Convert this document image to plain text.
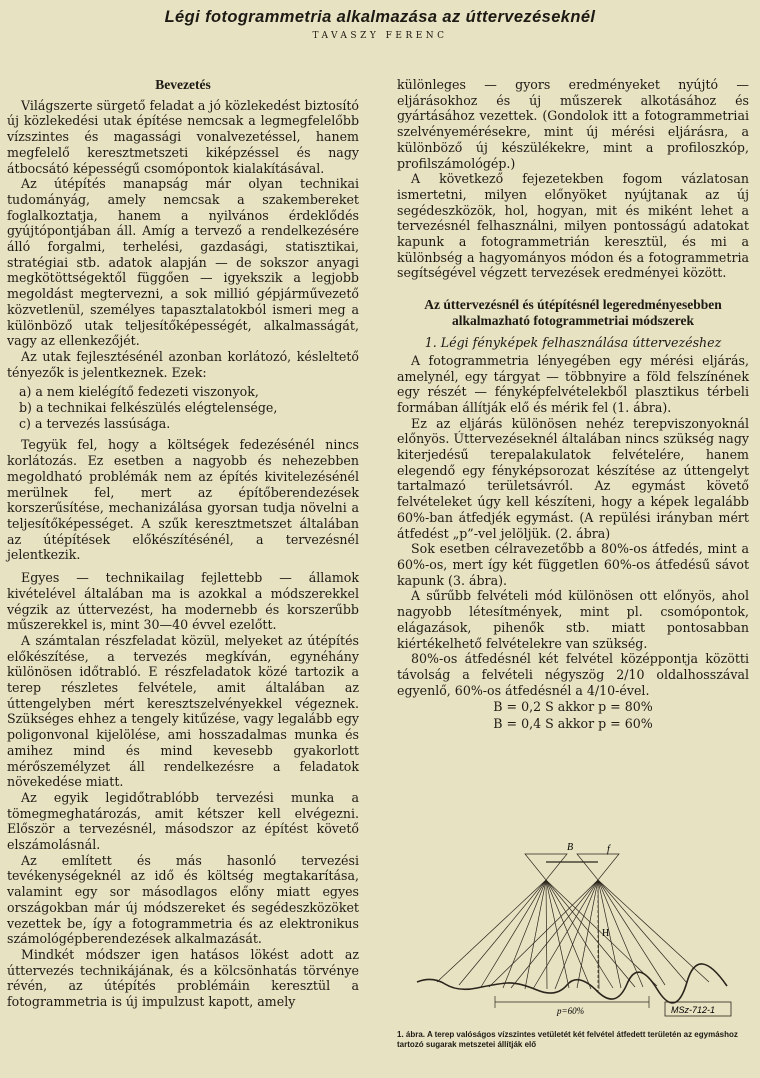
Légi fotogrammetria alkalmazása az úttervezéseknél
TAVASZY FERENC
Bevezetés

Világszerte sürgető feladat a jó közlekedést biztosító új közlekedési utak építése nemcsak a legmegfelelőbb vízszintes és magassági vonalvezetéssel, hanem megfelelő keresztmetszeti kiképzéssel és nagy átbocsátó képességű csomópontok kialakításával.

Az útépítés manapság már olyan technikai tudományág, amely nemcsak a szakembereket foglalkoztatja, hanem a nyilvános érdeklődés gyújtópontjában áll. Amíg a tervező a rendelkezésére álló forgalmi, terhelési, gazdasági, statisztikai, stratégiai stb. adatok alapján — de sokszor anyagi megkötöttségektől függően — igyekszik a legjobb megoldást megtervezni, a sok millió gépjárművezető közvetlenül, személyes tapasztalatokból ismeri meg a különböző utak teljesítőképességét, alkalmasságát, vagy az ellenkezőjét.

Az utak fejlesztésénél azonban korlátozó, késleltető tényezők is jelentkeznek. Ezek:

a) a nem kielégítő fedezeti viszonyok,
b) a technikai felkészülés elégtelensége,
c) a tervezés lassúsága.

Tegyük fel, hogy a költségek fedezésénél nincs korlátozás. Ez esetben a nagyobb és nehezebben megoldható problémák nem az építés kivitelezésénél merülnek fel, mert az építőberendezések korszerűsítése, mechanizálása gyorsan tudja növelni a teljesítőképességet. A szűk keresztmetszet általában az útépítések előkészítésénél, a tervezésnél jelentkezik.

Egyes — technikailag fejlettebb — államok kivételével általában ma is azokkal a módszerekkel végzik az úttervezést, ha modernebb és korszerűbb műszerekkel is, mint 30—40 évvel ezelőtt.

A számtalan részfeladat közül, melyeket az útépítés előkészítése, a tervezés megkíván, egynéhány különösen időtrabló. E részfeladatok közé tartozik a terep részletes felvétele, amit általában az úttengelyben mért keresztszelvényekkel végeznek. Szükséges ehhez a tengely kitűzése, vagy legalább egy poligonvonal kijelölése, ami hosszadalmas munka és amihez mind és mind kevesebb gyakorlott mérőszemélyzet áll rendelkezésre a feladatok növekedése miatt.

Az egyik legidőtrablóbb tervezési munka a tömegmeghatározás, amit kétszer kell elvégezni. Először a tervezésnél, másodszor az építést követő elszámolásnál.

Az említett és más hasonló tervezési tevékenységeknél az idő és költség megtakarítása, valamint egy sor másodlagos előny miatt egyes országokban már új módszereket és segédeszközöket vezettek be, így a fotogrammetria és az elektronikus számológépberendezések alkalmazását.

Mindkét módszer igen hatásos lökést adott az úttervezés technikájának, és a kölcsönhatás törvénye révén, az útépítés problémáin keresztül a fotogrammetria is új impulzust kapott, amely

különleges — gyors eredményeket nyújtó — eljárásokhoz és új műszerek alkotásához és gyártásához vezettek. (Gondolok itt a fotogrammetriai szelvényemérésekre, mint új mérési eljárásra, a különböző új készülékekre, mint a profiloszkóp, profilszámológép.)

A következő fejezetekben fogom vázlatosan ismertetni, milyen előnyöket nyújtanak az új segédeszközök, hol, hogyan, mit és miként lehet a tervezésnél felhasználni, milyen pontosságú adatokat kapunk a fotogrammetrián keresztül, és mi a különbség a hagyományos módon és a fotogrammetria segítségével végzett tervezések eredményei között.

Az úttervezésnél és útépítésnél legeredményesebben alkalmazható fotogrammetriai módszerek
1. Légi fényképek felhasználása úttervezéshez

A fotogrammetria lényegében egy mérési eljárás, amelynél, egy tárgyat — többnyire a föld felszínének egy részét — fényképfelvételekből plasztikus térbeli formában állítják elő és mérik fel (1. ábra).

Ez az eljárás különösen nehéz terepviszonyoknál előnyös. Úttervezéseknél általában nincs szükség nagy kiterjedésű terepalakulatok felvételére, hanem elegendő egy fényképsorozat készítése az úttengelyt tartalmazó területsávról. Az egymást követő felvételeket úgy kell készíteni, hogy a képek legalább 60%-ban átfedjék egymást. (A repülési irányban mért átfedést „p”-vel jelöljük. (2. ábra)

Sok esetben célravezetőbb a 80%-os átfedés, mint a 60%-os, mert így két független 60%-os átfedésű sávot kapunk (3. ábra).

A sűrűbb felvételi mód különösen ott előnyös, ahol nagyobb létesítmények, mint pl. csomópontok, elágazások, pihenők stb. miatt pontosabban kiértékelhető felvételekre van szükség.

80%-os átfedésnél két felvétel középpontja közötti távolság a felvételi négyszög 2/10 oldalhosszával egyenlő, 60%-os átfedésnél a 4/10-ével.

B = 0,2 S akkor p = 80%
B = 0,4 S akkor p = 60%
B	f
H
p=60%	MSz-712-1
1. ábra. A terep valóságos vízszintes vetületét két felvétel átfedett területén az egymáshoz tartozó sugarak metszetei állítják elő
